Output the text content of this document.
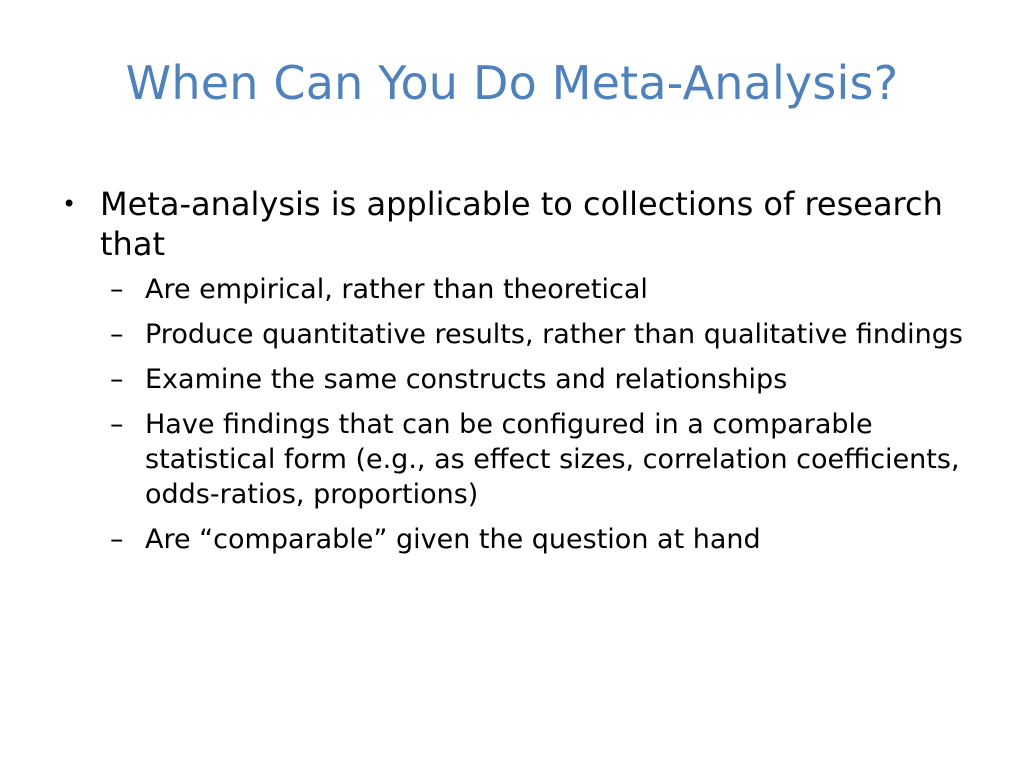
When Can You Do Meta-Analysis?
• Meta-analysis is applicable to collections of research that
– Are empirical, rather than theoretical
– Produce quantitative results, rather than qualitative findings
– Examine the same constructs and relationships
– Have findings that can be configured in a comparable statistical form (e.g., as effect sizes, correlation coefficients, odds-ratios, proportions)
– Are “comparable” given the question at hand
